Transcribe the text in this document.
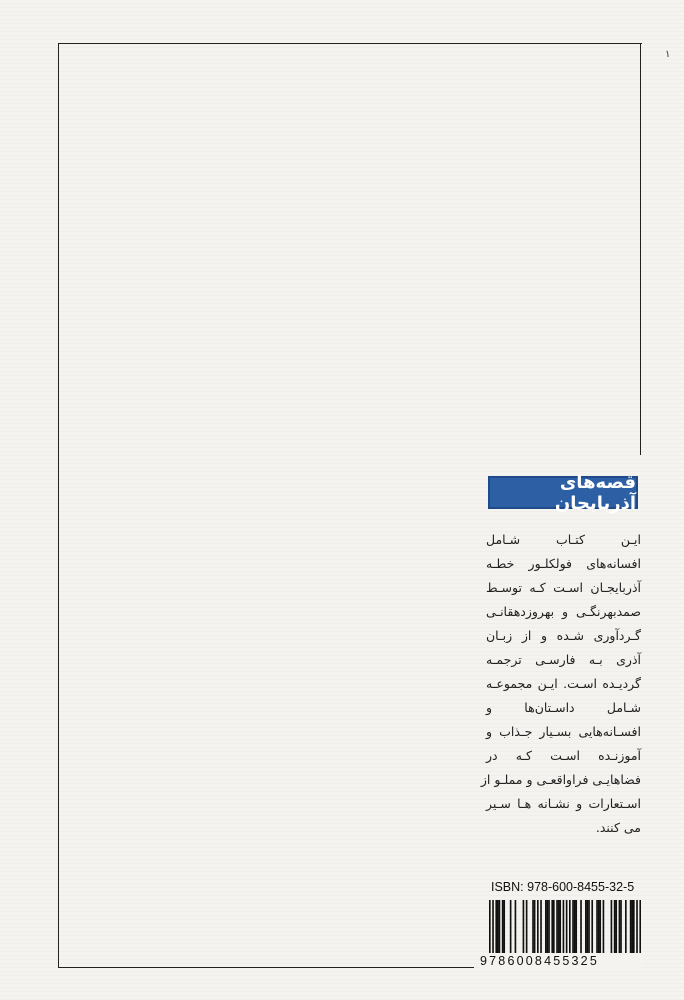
۱
قصه‌های آذربایجان

ایـن کتـاب شـامل

افسانه‌های فولکلـور خطـه

آذربایجـان اسـت کـه توسـط

صمدبهرنگـی و بهروزدهقانـی

گـردآوری شـده و از زبـان

آذری بـه فارسـی ترجمـه

گردیـده اسـت. ایـن مجموعـه

شـامل داسـتان‌ها و

افسـانه‌هایی بسـیار جـذاب و

آموزنـده اسـت کـه در

فضاهایـی فراواقعـی و مملـو از

اسـتعارات و نشـانه هـا سـیر

می کنند.

ISBN: 978-600-8455-32-5
9786008455325
